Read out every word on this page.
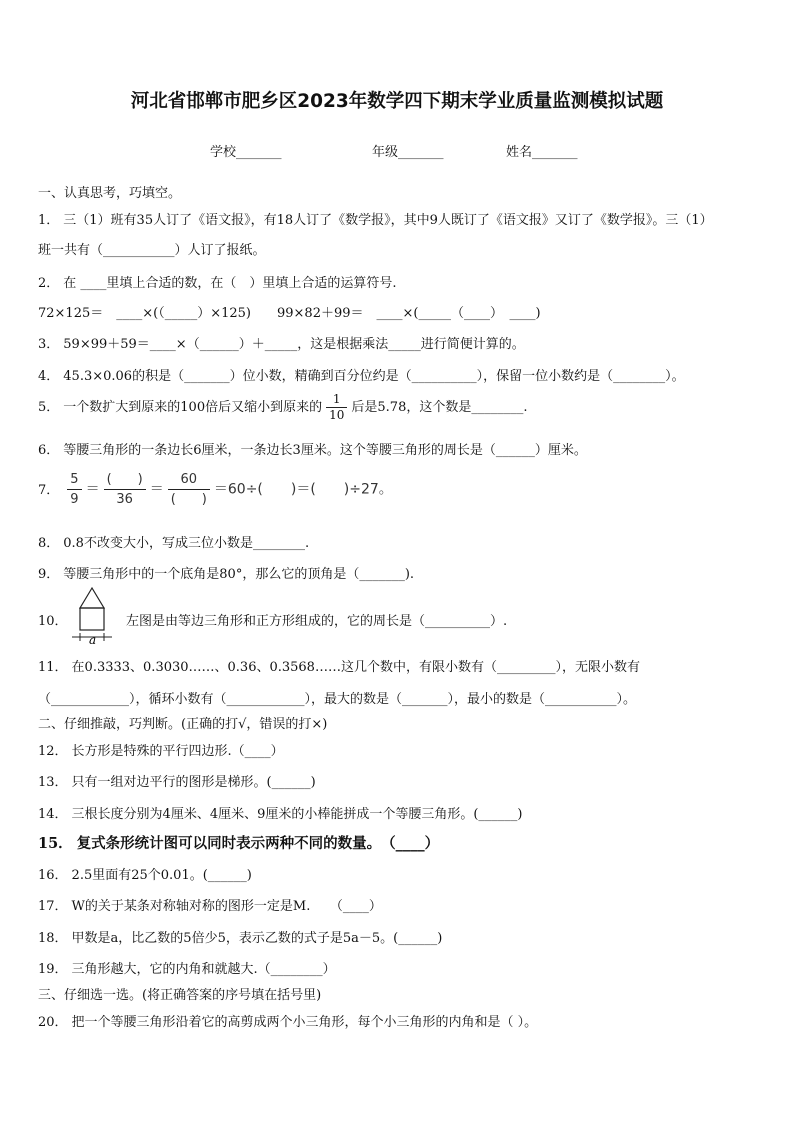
河北省邯郸市肥乡区2023年数学四下期末学业质量监测模拟试题
学校_______	年级_______	姓名_______
一、认真思考，巧填空。
1． 三（1）班有35人订了《语文报》，有18人订了《数学报》，其中9人既订了《语文报》又订了《数学报》。三（1）
班一共有（___________）人订了报纸。
2． 在 ____里填上合适的数，在（　）里填上合适的运算符号.
72×125＝　____×(（_____）×125)　　99×82＋99＝　____×(_____（____）　____)
3． 59×99＋59＝____×（______）＋_____，这是根据乘法_____进行简便计算的。
4． 45.3×0.06的积是（_______）位小数，精确到百分位约是（__________），保留一位小数约是（________）。
5． 一个数扩大到原来的100倍后又缩小到原来的 $\frac{1}{10}$ 后是5.78，这个数是________.
6． 等腰三角形的一条边长6厘米，一条边长3厘米。这个等腰三角形的周长是（______）厘米。
7． $\frac{5}{9} = \frac{( )}{36} = \frac{60}{( )} =60\div$(　　)＝(　　)÷27。
8． 0.8不改变大小，写成三位小数是________.
9． 等腰三角形中的一个底角是80°，那么它的顶角是（_______).
10．
a
左图是由等边三角形和正方形组成的，它的周长是（__________）.
11． 在0.3333、0.3030……、0.36、0.3568……这几个数中，有限小数有（_________），无限小数有
（____________），循环小数有（____________），最大的数是（_______），最小的数是（___________）。
二、仔细推敲，巧判断。(正确的打√，错误的打×)
12． 长方形是特殊的平行四边形.（____）
13． 只有一组对边平行的图形是梯形。(______)
14． 三根长度分别为4厘米、4厘米、9厘米的小棒能拼成一个等腰三角形。(______)
15． 复式条形统计图可以同时表示两种不同的数量。　（____）
16． 2.5里面有25个0.01。(______)
17． W的关于某条对称轴对称的图形一定是M.　　（____）
18． 甲数是a，比乙数的5倍少5，表示乙数的式子是5a－5。(______)
19． 三角形越大，它的内角和就越大.（________）
三、仔细选一选。(将正确答案的序号填在括号里)
20． 把一个等腰三角形沿着它的高剪成两个小三角形，每个小三角形的内角和是（ ）。
